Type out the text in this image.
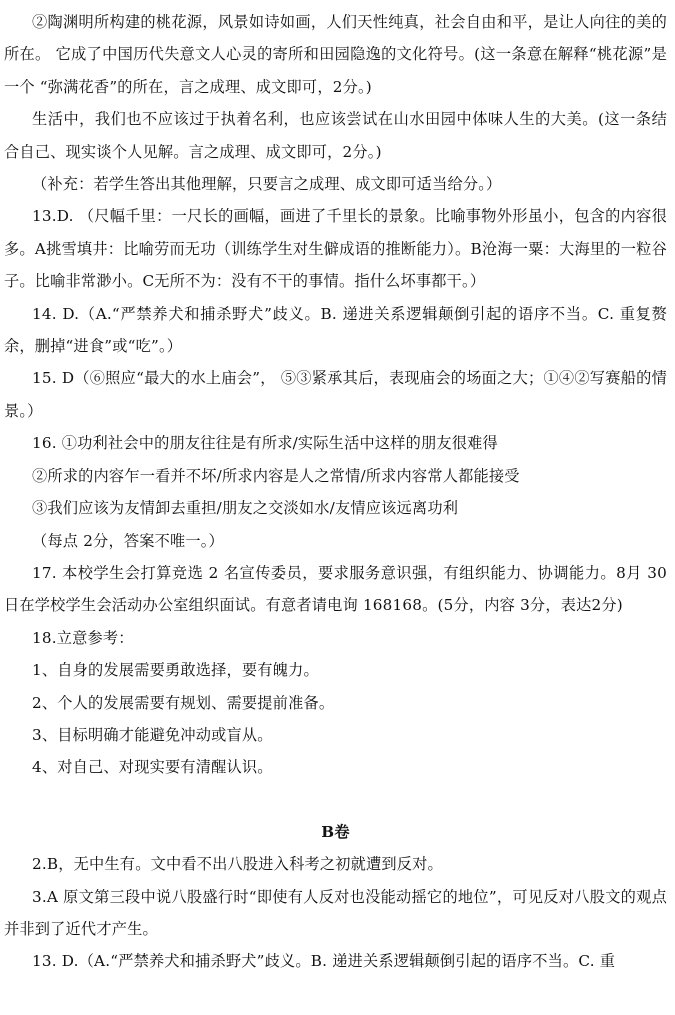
②陶渊明所构建的桃花源，风景如诗如画，人们天性纯真，社会自由和平，是让人向往的美的所在。 它成了中国历代失意文人心灵的寄所和田园隐逸的文化符号。(这一条意在解释“桃花源”是一个 “弥满花香”的所在，言之成理、成文即可，2分。)

生活中，我们也不应该过于执着名利，也应该尝试在山水田园中体味人生的大美。(这一条结合自己、现实谈个人见解。言之成理、成文即可，2分。)

（补充：若学生答出其他理解，只要言之成理、成文即可适当给分。）

13.D. （尺幅千里：一尺长的画幅，画进了千里长的景象。比喻事物外形虽小，包含的内容很多。A挑雪填井：比喻劳而无功（训练学生对生僻成语的推断能力）。B沧海一粟：大海里的一粒谷子。比喻非常渺小。C无所不为：没有不干的事情。指什么坏事都干。）

14. D.（A.“严禁养犬和捕杀野犬”歧义。B. 递进关系逻辑颠倒引起的语序不当。C. 重复赘余，删掉“进食”或“吃”。）

15. D（⑥照应“最大的水上庙会”， ⑤③紧承其后，表现庙会的场面之大；①④②写赛船的情景。）

16. ①功利社会中的朋友往往是有所求/实际生活中这样的朋友很难得

②所求的内容乍一看并不坏/所求内容是人之常情/所求内容常人都能接受

③我们应该为友情卸去重担/朋友之交淡如水/友情应该远离功利

（每点 2分，答案不唯一。）

17. 本校学生会打算竞选 2 名宣传委员，要求服务意识强，有组织能力、协调能力。8月 30 日在学校学生会活动办公室组织面试。有意者请电询 168168。(5分，内容 3分，表达2分)

18.立意参考：

1、自身的发展需要勇敢选择，要有魄力。

2、个人的发展需要有规划、需要提前准备。

3、目标明确才能避免冲动或盲从。

4、对自己、对现实要有清醒认识。

B卷

2.B，无中生有。文中看不出八股进入科考之初就遭到反对。

3.A 原文第三段中说八股盛行时“即使有人反对也没能动摇它的地位”，可见反对八股文的观点并非到了近代才产生。

13. D.（A.“严禁养犬和捕杀野犬”歧义。B. 递进关系逻辑颠倒引起的语序不当。C. 重
